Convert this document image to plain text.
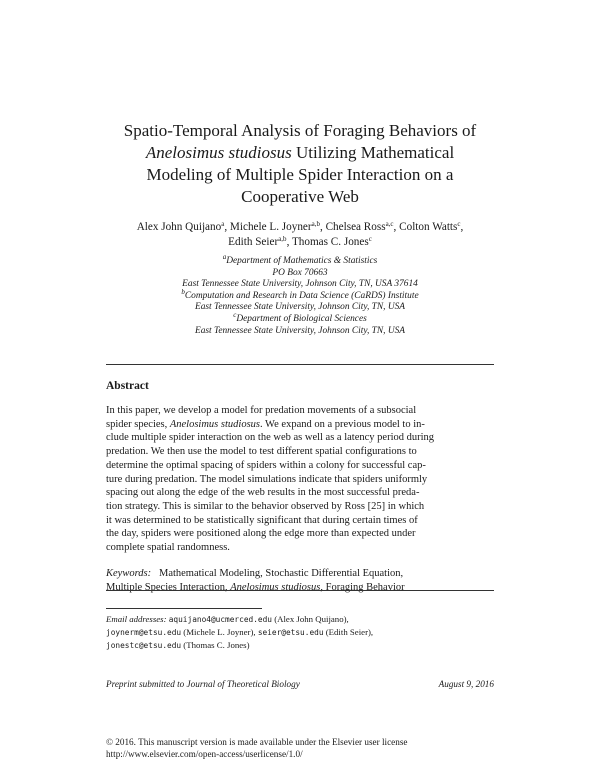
Spatio-Temporal Analysis of Foraging Behaviors of
Anelosimus studiosus Utilizing Mathematical
Modeling of Multiple Spider Interaction on a
Cooperative Web
Alex John Quijano$^a$, Michele L. Joyner$^{a,b}$, Chelsea Ross$^{a,c}$, Colton Watts$^c$,
Edith Seier$^{a,b}$, Thomas C. Jones$^c$
$^a$Department of Mathematics & Statistics
PO Box 70663
East Tennessee State University, Johnson City, TN, USA 37614
$^b$Computation and Research in Data Science (CaRDS) Institute
East Tennessee State University, Johnson City, TN, USA
$^c$Department of Biological Sciences
East Tennessee State University, Johnson City, TN, USA
Abstract
In this paper, we develop a model for predation movements of a subsocial
spider species, Anelosimus studiosus. We expand on a previous model to in-
clude multiple spider interaction on the web as well as a latency period during
predation. We then use the model to test different spatial configurations to
determine the optimal spacing of spiders within a colony for successful cap-
ture during predation. The model simulations indicate that spiders uniformly
spacing out along the edge of the web results in the most successful preda-
tion strategy. This is similar to the behavior observed by Ross [25] in which
it was determined to be statistically significant that during certain times of
the day, spiders were positioned along the edge more than expected under
complete spatial randomness.
Keywords: Mathematical Modeling, Stochastic Differential Equation,
Multiple Species Interaction, Anelosimus studiosus, Foraging Behavior
Email addresses: aquijano4@ucmerced.edu (Alex John Quijano),
joynerm@etsu.edu (Michele L. Joyner), seier@etsu.edu (Edith Seier),
jonestc@etsu.edu (Thomas C. Jones)
Preprint submitted to Journal of Theoretical Biology	August 9, 2016
© 2016. This manuscript version is made available under the Elsevier user license
http://www.elsevier.com/open-access/userlicense/1.0/
